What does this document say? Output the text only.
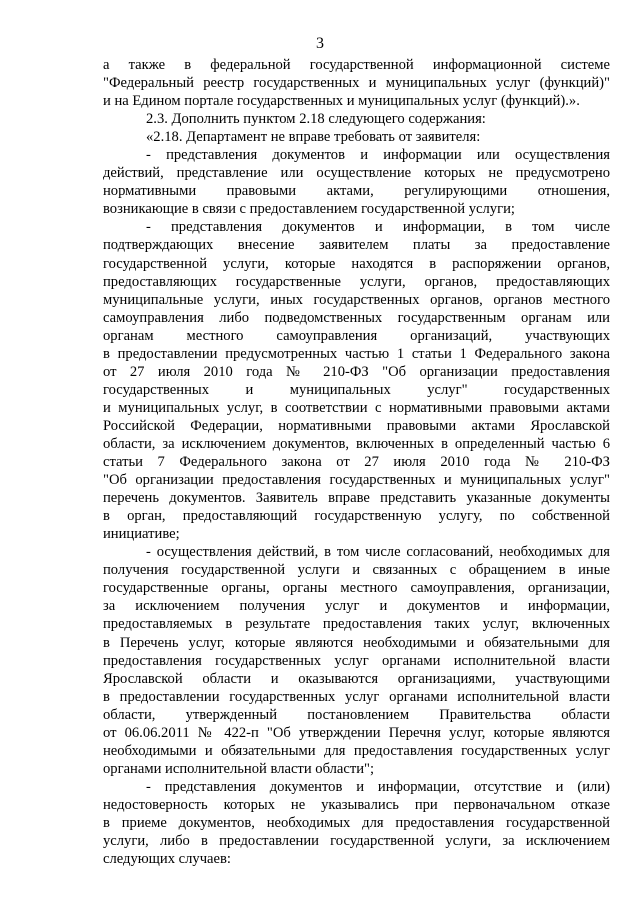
3
а также в федеральной государственной информационной системе
"Федеральный реестр государственных и муниципальных услуг (функций)"
и на Едином портале государственных и муниципальных услуг (функций).».
2.3. Дополнить пунктом 2.18 следующего содержания:
«2.18. Департамент не вправе требовать от заявителя:
- представления документов и информации или осуществления
действий, представление или осуществление которых не предусмотрено
нормативными правовыми актами, регулирующими отношения,
возникающие в связи с предоставлением государственной услуги;
- представления документов и информации, в том числе
подтверждающих внесение заявителем платы за предоставление
государственной услуги, которые находятся в распоряжении органов,
предоставляющих государственные услуги, органов, предоставляющих
муниципальные услуги, иных государственных органов, органов местного
самоуправления либо подведомственных государственным органам или
органам местного самоуправления организаций, участвующих
в предоставлении предусмотренных частью 1 статьи 1 Федерального закона
от 27 июля 2010 года № 210-ФЗ "Об организации предоставления
государственных и муниципальных услуг" государственных
и муниципальных услуг, в соответствии с нормативными правовыми актами
Российской Федерации, нормативными правовыми актами Ярославской
области, за исключением документов, включенных в определенный частью 6
статьи 7 Федерального закона от 27 июля 2010 года № 210-ФЗ
"Об организации предоставления государственных и муниципальных услуг"
перечень документов. Заявитель вправе представить указанные документы
в орган, предоставляющий государственную услугу, по собственной
инициативе;
- осуществления действий, в том числе согласований, необходимых для
получения государственной услуги и связанных с обращением в иные
государственные органы, органы местного самоуправления, организации,
за исключением получения услуг и документов и информации,
предоставляемых в результате предоставления таких услуг, включенных
в Перечень услуг, которые являются необходимыми и обязательными для
предоставления государственных услуг органами исполнительной власти
Ярославской области и оказываются организациями, участвующими
в предоставлении государственных услуг органами исполнительной власти
области, утвержденный постановлением Правительства области
от 06.06.2011 № 422-п "Об утверждении Перечня услуг, которые являются
необходимыми и обязательными для предоставления государственных услуг
органами исполнительной власти области";
- представления документов и информации, отсутствие и (или)
недостоверность которых не указывались при первоначальном отказе
в приеме документов, необходимых для предоставления государственной
услуги, либо в предоставлении государственной услуги, за исключением
следующих случаев:
